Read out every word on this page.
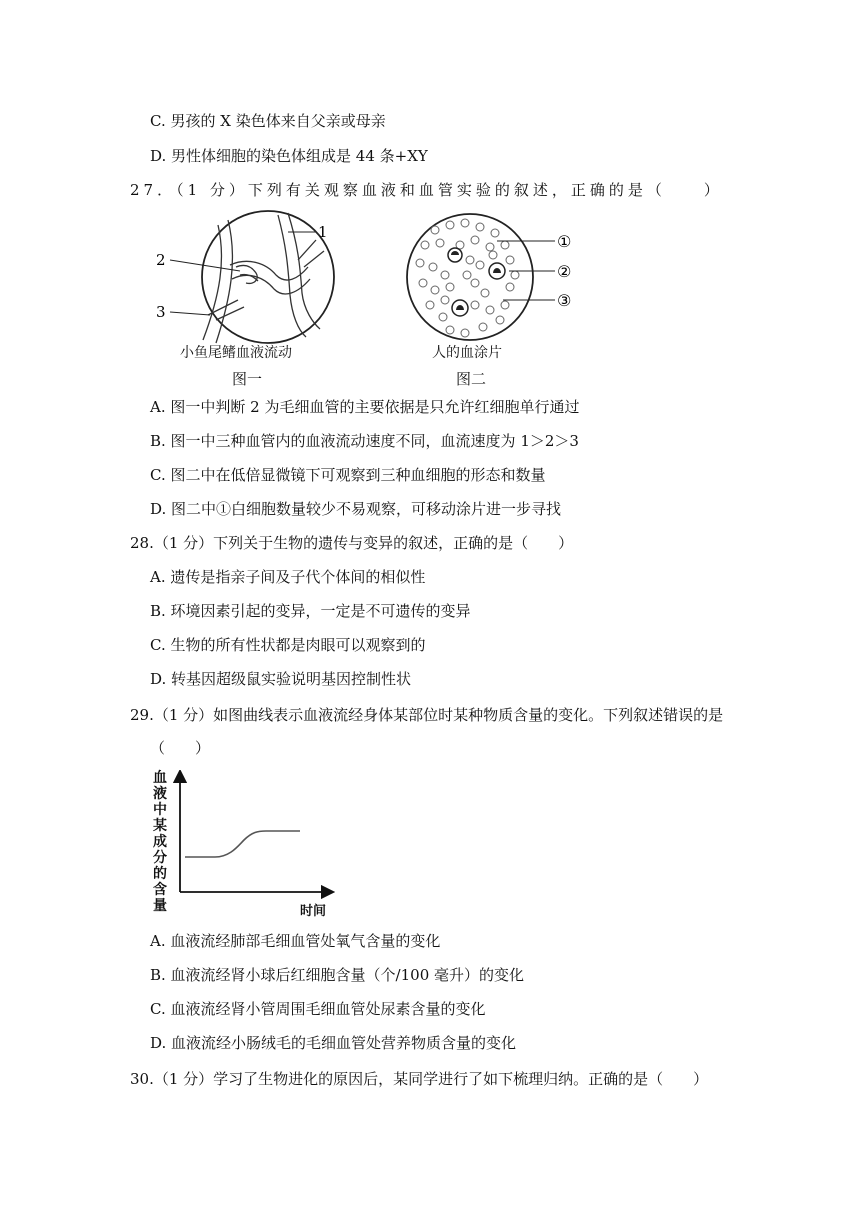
C. 男孩的 X 染色体来自父亲或母亲
D. 男性体细胞的染色体组成是 44 条+XY
27．（1 分）下列有关观察血液和血管实验的叙述，正确的是（　　）
1
2
3
小鱼尾鳍血液流动
图一
①
②
③
人的血涂片
图二
A. 图一中判断 2 为毛细血管的主要依据是只允许红细胞单行通过
B. 图一中三种血管内的血液流动速度不同，血流速度为 1＞2＞3
C. 图二中在低倍显微镜下可观察到三种血细胞的形态和数量
D. 图二中①白细胞数量较少不易观察，可移动涂片进一步寻找
28.（1 分）下列关于生物的遗传与变异的叙述，正确的是（　　）
A. 遗传是指亲子间及子代个体间的相似性
B. 环境因素引起的变异，一定是不可遗传的变异
C. 生物的所有性状都是肉眼可以观察到的
D. 转基因超级鼠实验说明基因控制性状
29.（1 分）如图曲线表示血液流经身体某部位时某种物质含量的变化。下列叙述错误的是
（　　）
血
液
中
某
成
分
的
含
量	时间
A. 血液流经肺部毛细血管处氧气含量的变化
B. 血液流经肾小球后红细胞含量（个/100 毫升）的变化
C. 血液流经肾小管周围毛细血管处尿素含量的变化
D. 血液流经小肠绒毛的毛细血管处营养物质含量的变化
30.（1 分）学习了生物进化的原因后，某同学进行了如下梳理归纳。正确的是（　　）
